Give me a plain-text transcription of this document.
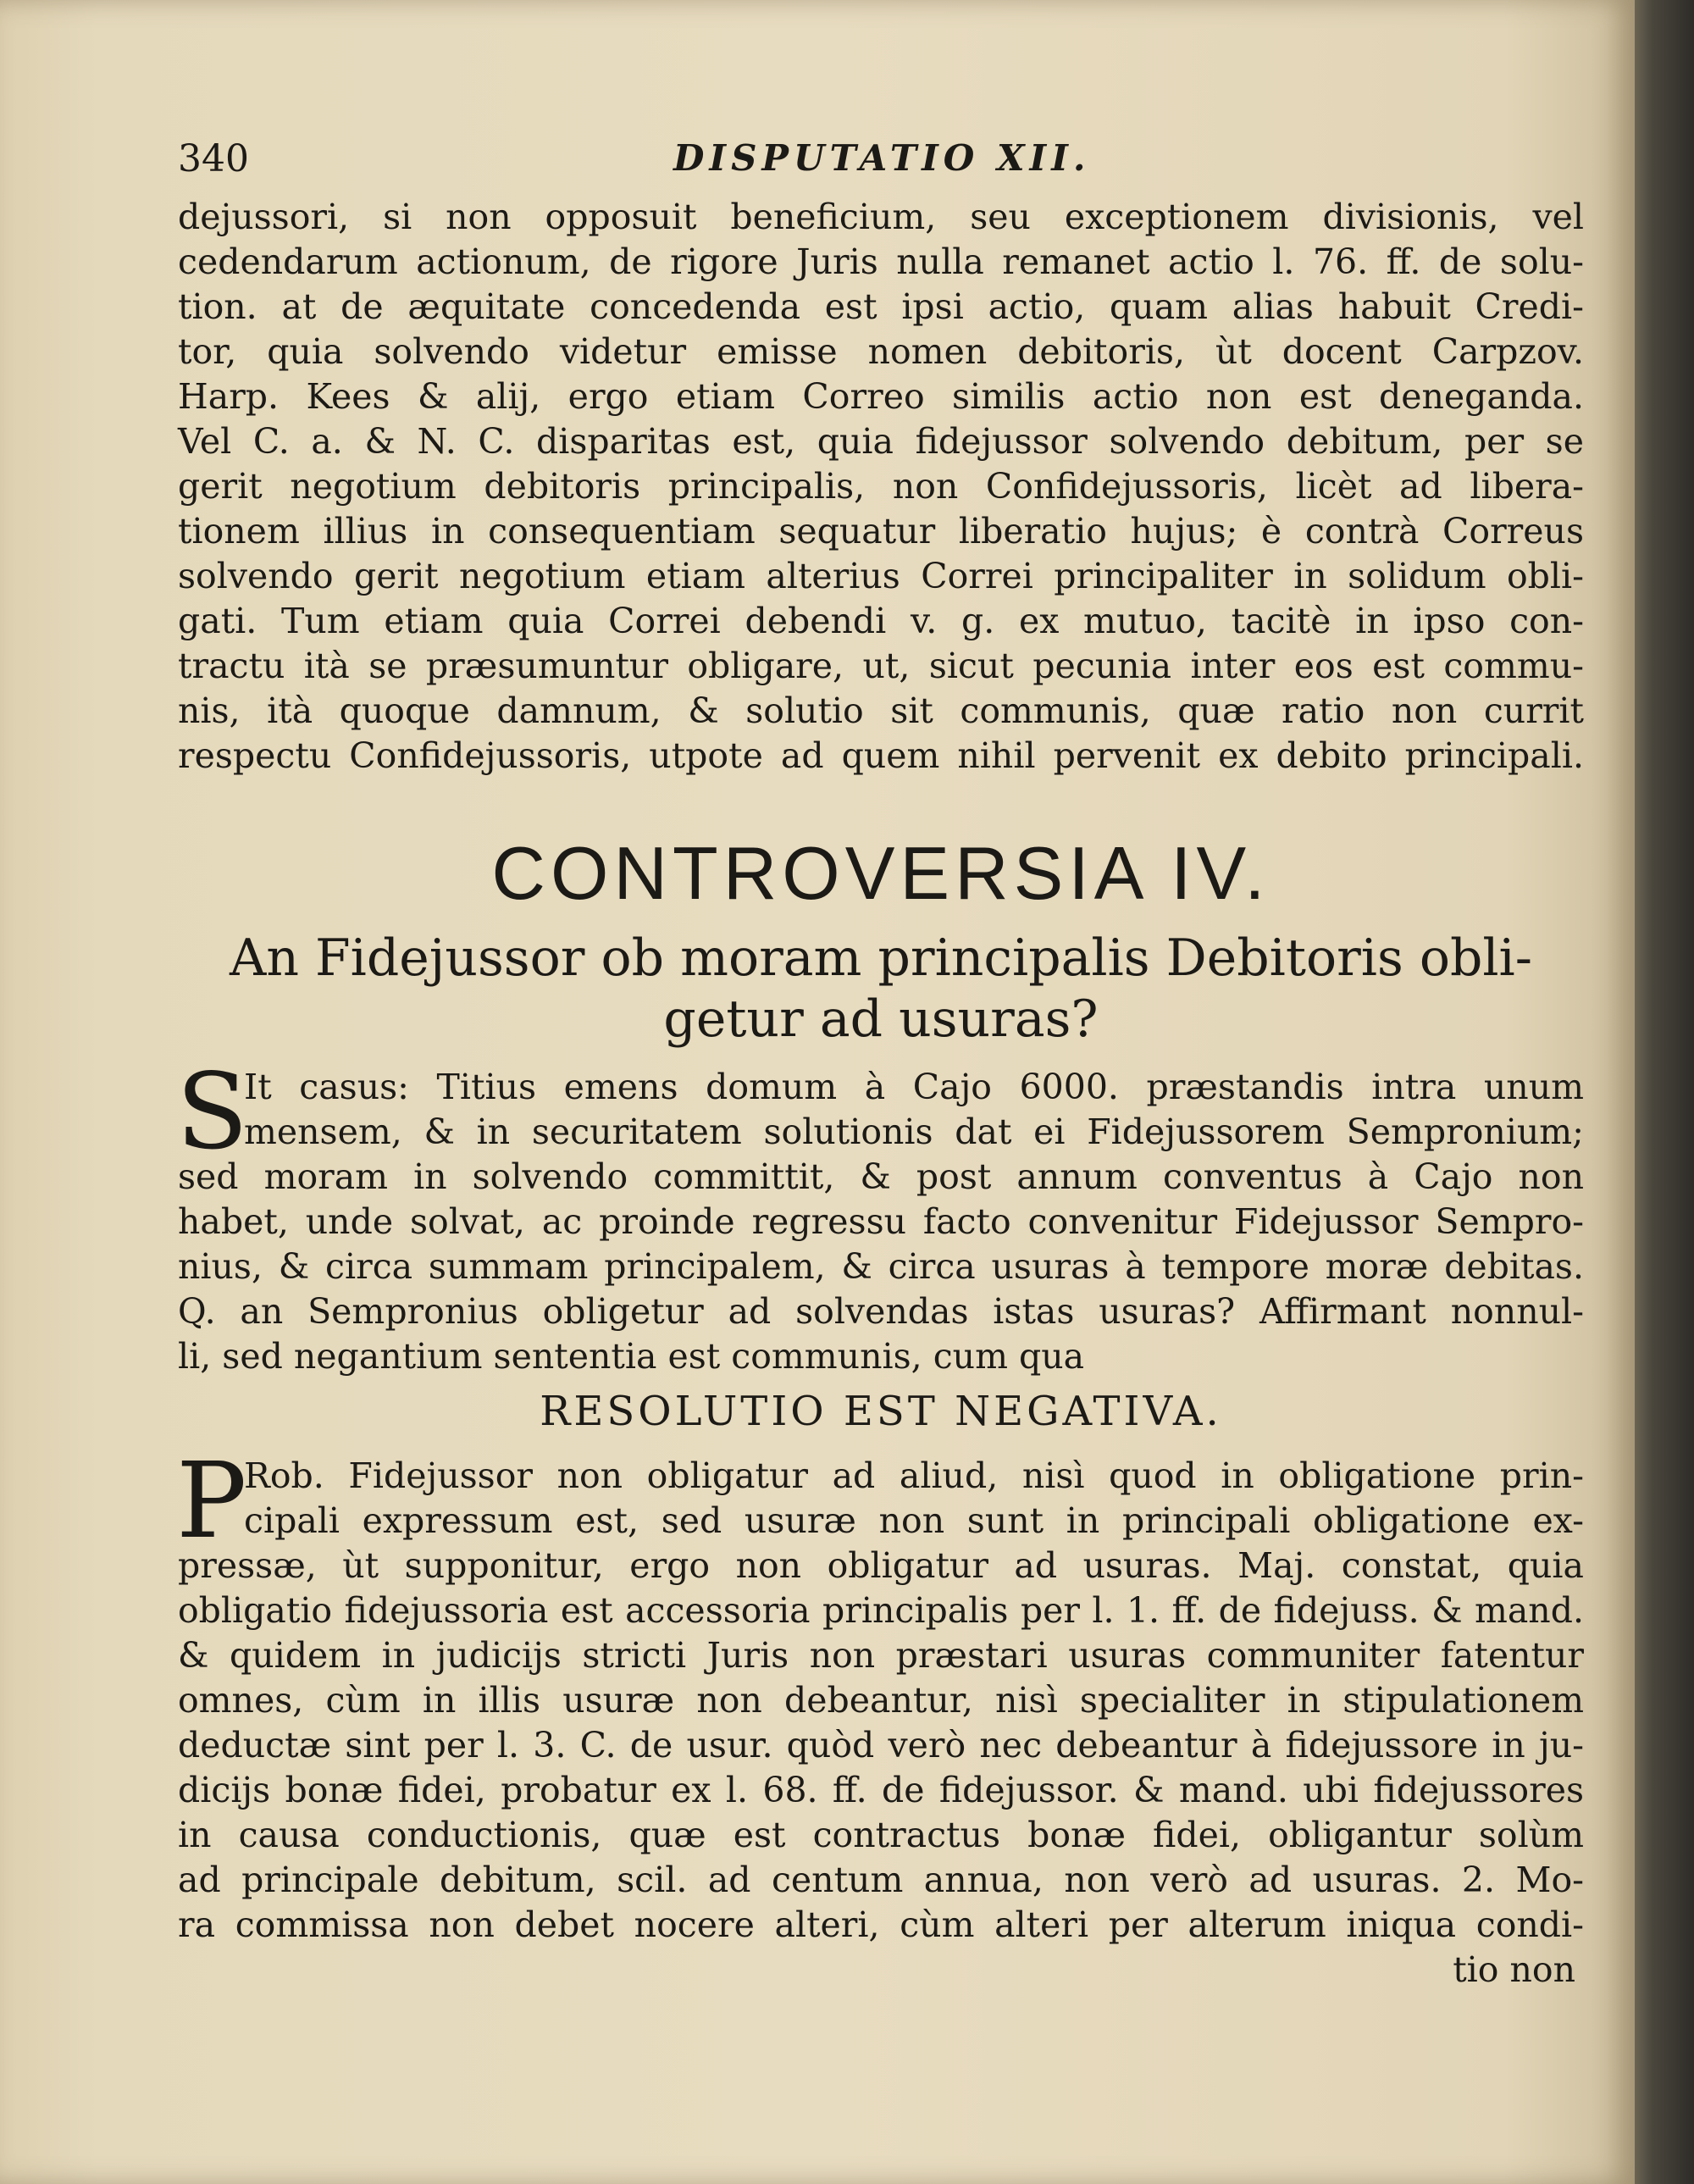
340	DISPUTATIO XII.
dejussori, si non opposuit beneficium, seu exceptionem divisionis, vel
cedendarum actionum, de rigore Juris nulla remanet actio l. 76. ff. de solu-
tion. at de æquitate concedenda est ipsi actio, quam alias habuit Credi-
tor, quia solvendo videtur emisse nomen debitoris, ùt docent Carpzov.
Harp. Kees & alij, ergo etiam Correo similis actio non est deneganda.
Vel C. a. & N. C. disparitas est, quia fidejussor solvendo debitum, per se
gerit negotium debitoris principalis, non Confidejussoris, licèt ad libera-
tionem illius in consequentiam sequatur liberatio hujus; è contrà Correus
solvendo gerit negotium etiam alterius Correi principaliter in solidum obli-
gati. Tum etiam quia Correi debendi v. g. ex mutuo, tacitè in ipso con-
tractu ità se præsumuntur obligare, ut, sicut pecunia inter eos est commu-
nis, ità quoque damnum, & solutio sit communis, quæ ratio non currit
respectu Confidejussoris, utpote ad quem nihil pervenit ex debito principali.
CONTROVERSIA IV.
An Fidejussor ob moram principalis Debitoris obli-
getur ad usuras?
S
It casus: Titius emens domum à Cajo 6000. præstandis intra unum
mensem, & in securitatem solutionis dat ei Fidejussorem Sempronium;
sed moram in solvendo committit, & post annum conventus à Cajo non
habet, unde solvat, ac proinde regressu facto convenitur Fidejussor Sempro-
nius, & circa summam principalem, & circa usuras à tempore moræ debitas.
Q. an Sempronius obligetur ad solvendas istas usuras? Affirmant nonnul-
li, sed negantium sententia est communis, cum qua
RESOLUTIO EST NEGATIVA.
P
Rob. Fidejussor non obligatur ad aliud, nisì quod in obligatione prin-
cipali expressum est, sed usuræ non sunt in principali obligatione ex-
pressæ, ùt supponitur, ergo non obligatur ad usuras. Maj. constat, quia
obligatio fidejussoria est accessoria principalis per l. 1. ff. de fidejuss. & mand.
& quidem in judicijs stricti Juris non præstari usuras communiter fatentur
omnes, cùm in illis usuræ non debeantur, nisì specialiter in stipulationem
deductæ sint per l. 3. C. de usur. quòd verò nec debeantur à fidejussore in ju-
dicijs bonæ fidei, probatur ex l. 68. ff. de fidejussor. & mand. ubi fidejussores
in causa conductionis, quæ est contractus bonæ fidei, obligantur solùm
ad principale debitum, scil. ad centum annua, non verò ad usuras. 2. Mo-
ra commissa non debet nocere alteri, cùm alteri per alterum iniqua condi-
tio non
